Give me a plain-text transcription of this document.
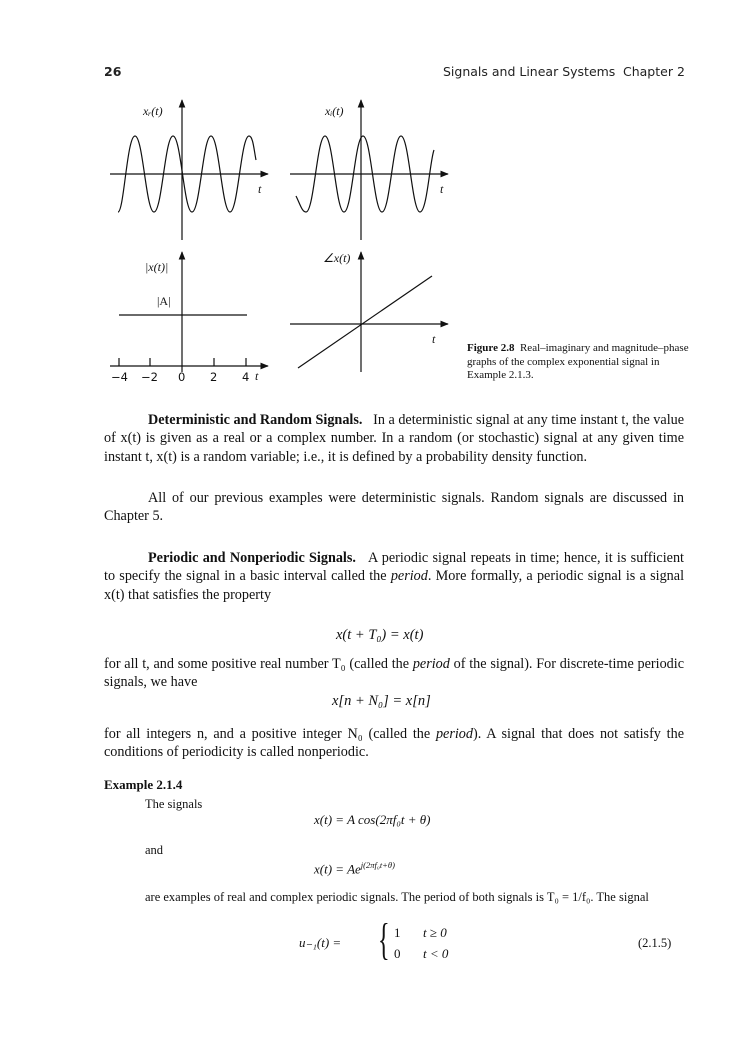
26	Signals and Linear Systems Chapter 2
xᵣ(t)	xᵢ(t)
t	t
|x(t)|
|A|
∠x(t)
t
−4 −2 0 2 4 t
Figure 2.8 Real–imaginary and magnitude–phase graphs of the complex exponential signal in Example 2.1.3.
Deterministic and Random Signals. In a deterministic signal at any time instant t, the value of x(t) is given as a real or a complex number. In a random (or stochastic) signal at any given time instant t, x(t) is a random variable; i.e., it is defined by a probability density function.
All of our previous examples were deterministic signals. Random signals are discussed in Chapter 5.
Periodic and Nonperiodic Signals. A periodic signal repeats in time; hence, it is sufficient to specify the signal in a basic interval called the period. More formally, a periodic signal is a signal x(t) that satisfies the property
x(t + T₀) = x(t)
for all t, and some positive real number T₀ (called the period of the signal). For discrete-time periodic signals, we have
x[n + N₀] = x[n]
for all integers n, and a positive integer N₀ (called the period). A signal that does not satisfy the conditions of periodicity is called nonperiodic.
Example 2.1.4
The signals
x(t) = A cos(2πf₀t + θ)
and
$x(t) = Ae^{j(2\pi f_0t+\theta)}$
are examples of real and complex periodic signals. The period of both signals is T₀ = 1/f₀. The signal
u₋₁(t) = { 1 t ≥ 0
0 t < 0
(2.1.5)
